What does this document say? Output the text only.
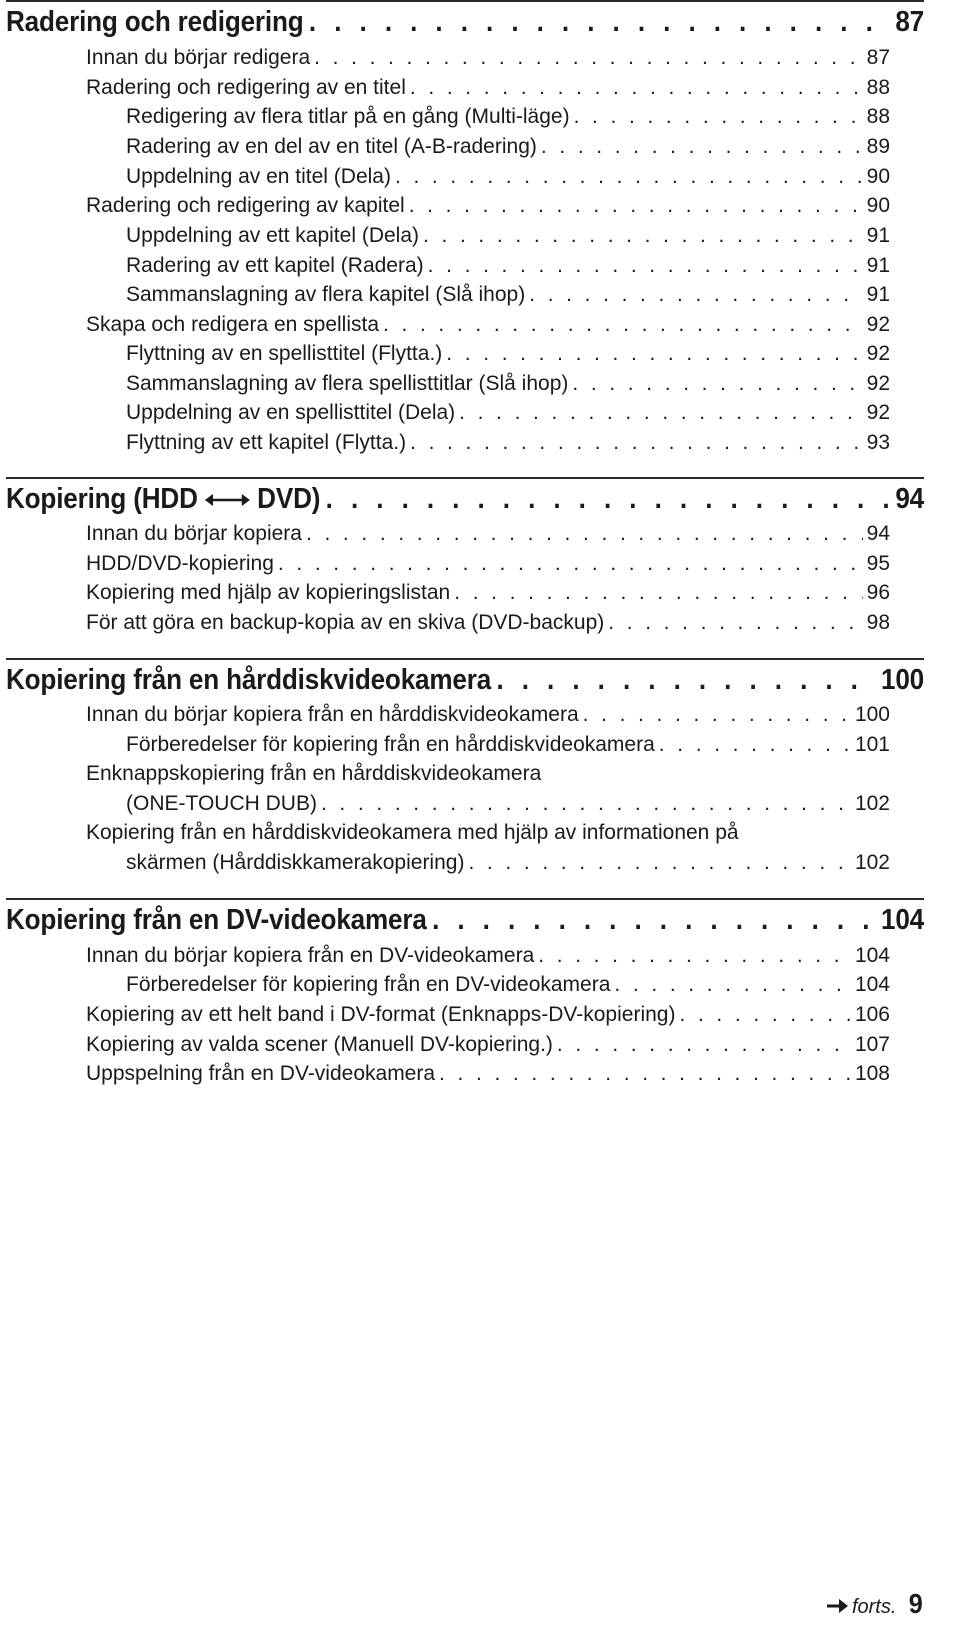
Radering och redigering . . .	87
Innan du börjar redigera . . .	87
Radering och redigering av en titel . . .	88
Redigering av flera titlar på en gång (Multi-läge) . . .	88
Radering av en del av en titel (A-B-radering) . . .	89
Uppdelning av en titel (Dela) . . .	90
Radering och redigering av kapitel . . .	90
Uppdelning av ett kapitel (Dela) . . .	91
Radering av ett kapitel (Radera) . . .	91
Sammanslagning av flera kapitel (Slå ihop) . . .	91
Skapa och redigera en spellista . . .	92
Flyttning av en spellisttitel (Flytta.) . . .	92
Sammanslagning av flera spellisttitlar (Slå ihop) . . .	92
Uppdelning av en spellisttitel (Dela) . . .	92
Flyttning av ett kapitel (Flytta.) . . .	93
Kopiering (HDD DVD) . . .	94
Innan du börjar kopiera . . .	94
HDD/DVD-kopiering . . .	95
Kopiering med hjälp av kopieringslistan . . .	96
För att göra en backup-kopia av en skiva (DVD-backup) . . .	98
Kopiering från en hårddiskvideokamera . . .	100
Innan du börjar kopiera från en hårddiskvideokamera . . .	100
Förberedelser för kopiering från en hårddiskvideokamera . . .	101
Enknappskopiering från en hårddiskvideokamera
(ONE-TOUCH DUB) . . .	102
Kopiering från en hårddiskvideokamera med hjälp av informationen på
skärmen (Hårddiskkamerakopiering) . . .	102
Kopiering från en DV-videokamera . . .	104
Innan du börjar kopiera från en DV-videokamera . . .	104
Förberedelser för kopiering från en DV-videokamera . . .	104
Kopiering av ett helt band i DV-format (Enknapps-DV-kopiering) . . .	106
Kopiering av valda scener (Manuell DV-kopiering.) . . .	107
Uppspelning från en DV-videokamera . . .	108
forts. 9
